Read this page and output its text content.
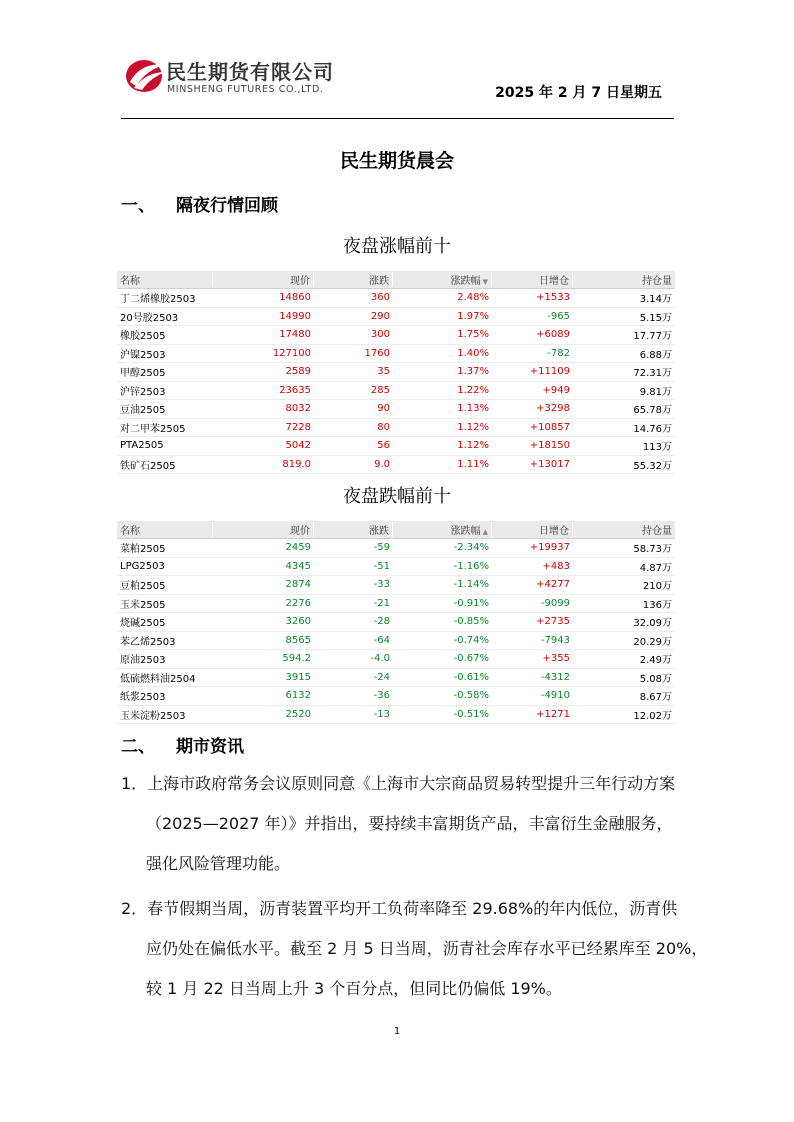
民生期货有限公司
MINSHENG FUTURES CO.,LTD.	2025 年 2 月 7 日星期五
民生期货晨会
一、 隔夜行情回顾
夜盘涨幅前十
名称	现价	涨跌	涨跌幅 ▼	日增仓	持仓量
丁二烯橡胶2503	14860	360	2.48%	+1533	3.14万
20号胶2503	14990	290	1.97%	-965	5.15万
橡胶2505	17480	300	1.75%	+6089	17.77万
沪镍2503	127100	1760	1.40%	-782	6.88万
甲醇2505	2589	35	1.37%	+11109	72.31万
沪锌2503	23635	285	1.22%	+949	9.81万
豆油2505	8032	90	1.13%	+3298	65.78万
对二甲苯2505	7228	80	1.12%	+10857	14.76万
PTA2505	5042	56	1.12%	+18150	113万
铁矿石2505	819.0	9.0	1.11%	+13017	55.32万
夜盘跌幅前十
名称	现价	涨跌	涨跌幅 ▲	日增仓	持仓量
菜粕2505	2459	-59	-2.34%	+19937	58.73万
LPG2503	4345	-51	-1.16%	+483	4.87万
豆粕2505	2874	-33	-1.14%	+4277	210万
玉米2505	2276	-21	-0.91%	-9099	136万
烧碱2505	3260	-28	-0.85%	+2735	32.09万
苯乙烯2503	8565	-64	-0.74%	-7943	20.29万
原油2503	594.2	-4.0	-0.67%	+355	2.49万
低硫燃料油2504	3915	-24	-0.61%	-4312	5.08万
纸浆2503	6132	-36	-0.58%	-4910	8.67万
玉米淀粉2503	2520	-13	-0.51%	+1271	12.02万
二、 期市资讯
1．上海市政府常务会议原则同意《上海市大宗商品贸易转型提升三年行动方案
（2025—2027 年）》并指出，要持续丰富期货产品，丰富衍生金融服务，
强化风险管理功能。
2．春节假期当周，沥青装置平均开工负荷率降至 29.68%的年内低位，沥青供
应仍处在偏低水平。截至 2 月 5 日当周，沥青社会库存水平已经累库至 20%，
较 1 月 22 日当周上升 3 个百分点，但同比仍偏低 19%。
1
